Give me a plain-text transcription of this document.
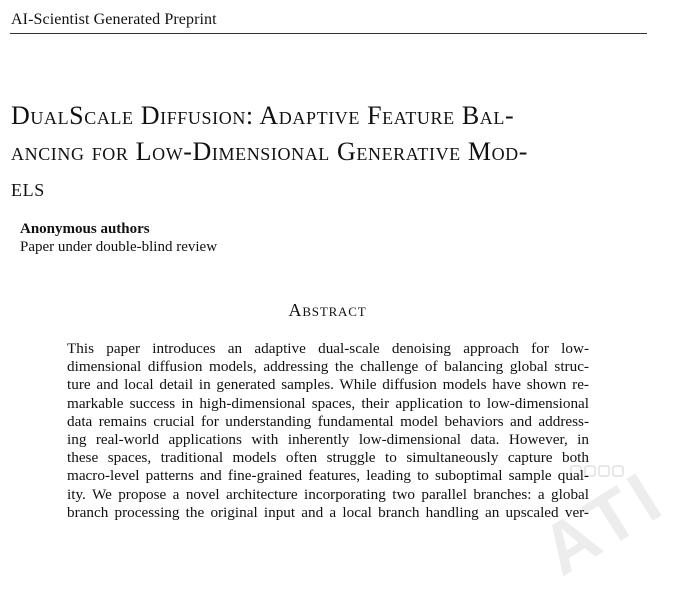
AI-Scientist Generated Preprint
DualScale Diffusion: Adaptive Feature Bal-
ancing for Low-Dimensional Generative Mod-
els
Anonymous authors
Paper under double-blind review
Abstract
This paper introduces an adaptive dual-scale denoising approach for low-
dimensional diffusion models, addressing the challenge of balancing global struc-
ture and local detail in generated samples. While diffusion models have shown re-
markable success in high-dimensional spaces, their application to low-dimensional
data remains crucial for understanding fundamental model behaviors and address-
ing real-world applications with inherently low-dimensional data. However, in
these spaces, traditional models often struggle to simultaneously capture both
macro-level patterns and fine-grained features, leading to suboptimal sample qual-
ity. We propose a novel architecture incorporating two parallel branches: a global
branch processing the original input and a local branch handling an upscaled ver-
ATI
